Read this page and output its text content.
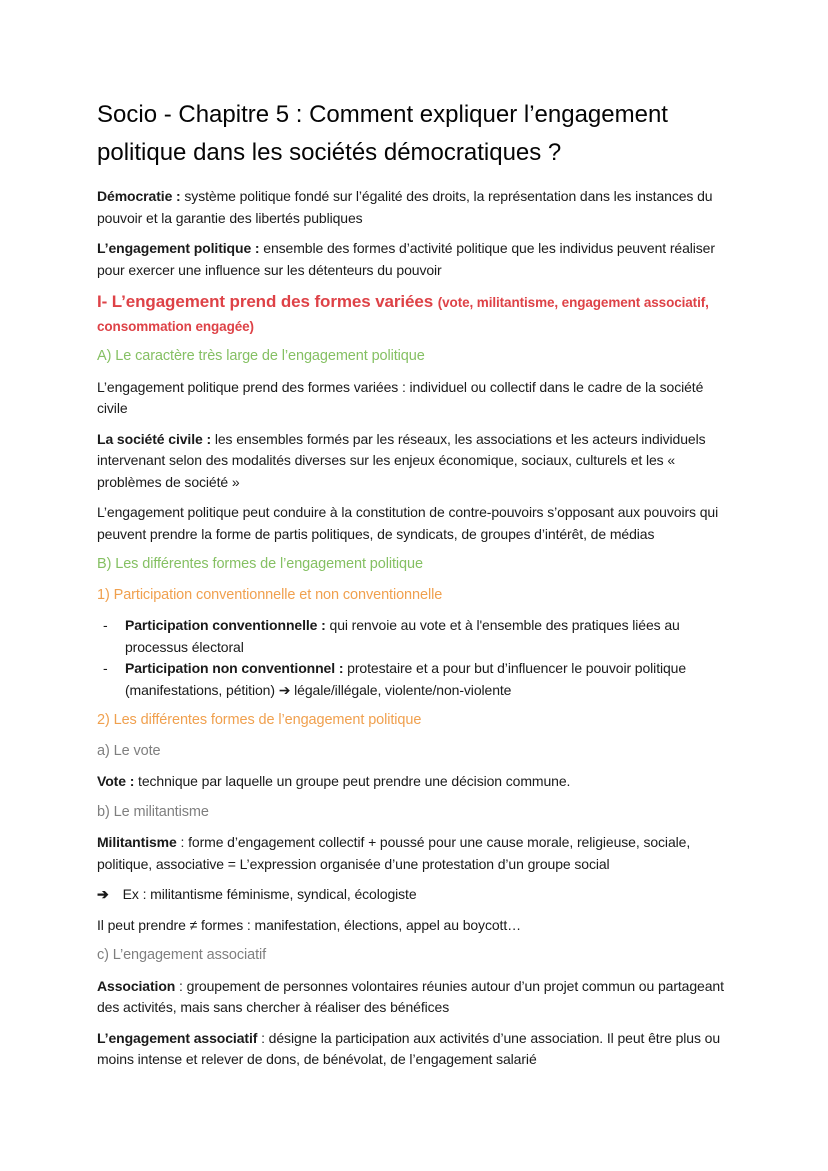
Socio - Chapitre 5 : Comment expliquer l’engagement politique dans les sociétés démocratiques ?

Démocratie : système politique fondé sur l’égalité des droits, la représentation dans les instances du pouvoir et la garantie des libertés publiques

L’engagement politique : ensemble des formes d’activité politique que les individus peuvent réaliser pour exercer une influence sur les détenteurs du pouvoir

I- L’engagement prend des formes variées (vote, militantisme, engagement associatif, consommation engagée)
A) Le caractère très large de l’engagement politique

L’engagement politique prend des formes variées : individuel ou collectif dans le cadre de la société civile

La société civile : les ensembles formés par les réseaux, les associations et les acteurs individuels intervenant selon des modalités diverses sur les enjeux économique, sociaux, culturels et les « problèmes de société »

L’engagement politique peut conduire à la constitution de contre-pouvoirs s’opposant aux pouvoirs qui peuvent prendre la forme de partis politiques, de syndicats, de groupes d’intérêt, de médias

B) Les différentes formes de l’engagement politique
1) Participation conventionnelle et non conventionnelle
- Participation conventionnelle : qui renvoie au vote et à l'ensemble des pratiques liées au processus électoral
- Participation non conventionnel : protestaire et a pour but d’influencer le pouvoir politique (manifestations, pétition) ➔ légale/illégale, violente/non-violente
2) Les différentes formes de l’engagement politique
a) Le vote

Vote : technique par laquelle un groupe peut prendre une décision commune.

b) Le militantisme

Militantisme : forme d’engagement collectif + poussé pour une cause morale, religieuse, sociale, politique, associative = L’expression organisée d’une protestation d’un groupe social

➔ Ex : militantisme féminisme, syndical, écologiste

Il peut prendre ≠ formes : manifestation, élections, appel au boycott…

c) L’engagement associatif

Association : groupement de personnes volontaires réunies autour d’un projet commun ou partageant des activités, mais sans chercher à réaliser des bénéfices

L’engagement associatif : désigne la participation aux activités d’une association. Il peut être plus ou moins intense et relever de dons, de bénévolat, de l’engagement salarié
